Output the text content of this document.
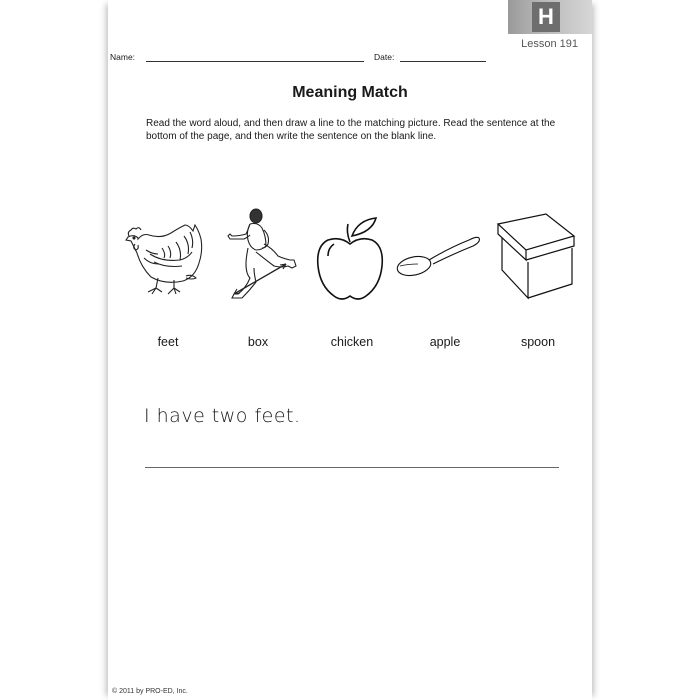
H
Lesson 191
Name:	Date:
Meaning Match
Read the word aloud, and then draw a line to the matching picture. Read the sentence at the bottom of the page, and then write the sentence on the blank line.
feet	box	chicken	apple	spoon
I have two feet.
© 2011 by PRO-ED, Inc.
